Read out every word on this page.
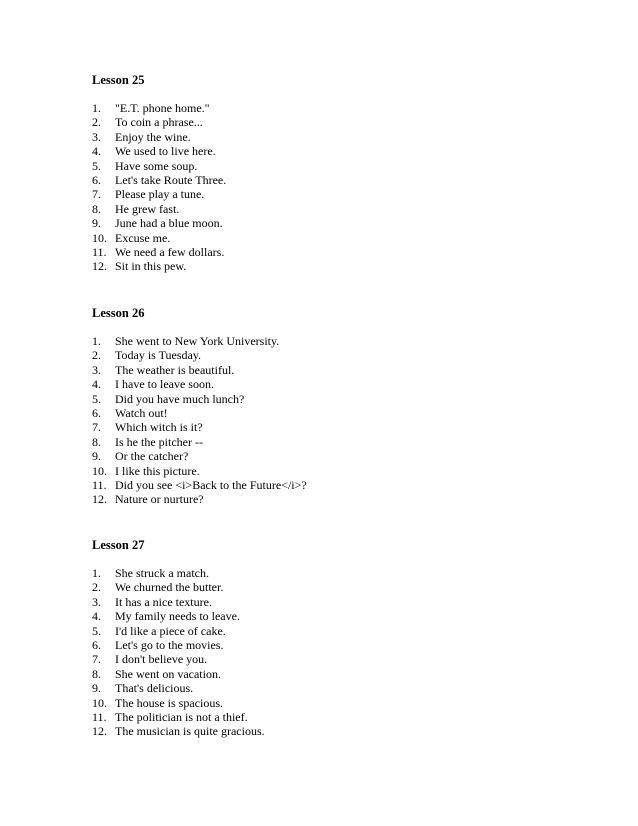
Lesson 25
1.	"E.T. phone home."
2.	To coin a phrase...
3.	Enjoy the wine.
4.	We used to live here.
5.	Have some soup.
6.	Let's take Route Three.
7.	Please play a tune.
8.	He grew fast.
9.	June had a blue moon.
10. Excuse me.
11. We need a few dollars.
12. Sit in this pew.
Lesson 26
1.	She went to New York University.
2.	Today is Tuesday.
3.	The weather is beautiful.
4.	I have to leave soon.
5.	Did you have much lunch?
6.	Watch out!
7.	Which witch is it?
8.	Is he the pitcher --
9.	Or the catcher?
10. I like this picture.
11. Did you see <i>Back to the Future</i>?
12. Nature or nurture?
Lesson 27
1.	She struck a match.
2.	We churned the butter.
3.	It has a nice texture.
4.	My family needs to leave.
5.	I'd like a piece of cake.
6.	Let's go to the movies.
7.	I don't believe you.
8.	She went on vacation.
9.	That's delicious.
10. The house is spacious.
11. The politician is not a thief.
12. The musician is quite gracious.
